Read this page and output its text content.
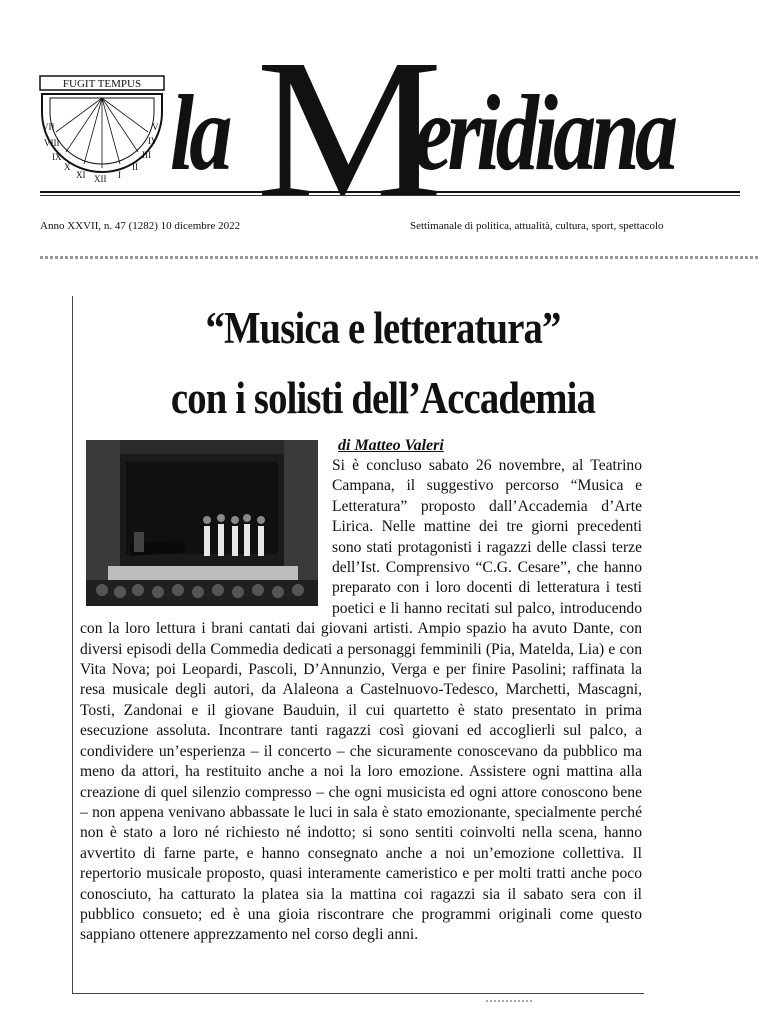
FUGIT TEMPUS
VII
VIII
IX
X
XI XII I
II
III
IV
V la M
eridiana
Anno XXVII, n. 47 (1282) 10 dicembre 2022	Settimanale di politica, attualità, cultura, sport, spettacolo
“Musica e letteratura”
con i solisti dell’Accademia
di Matteo Valeri
Si è concluso sabato 26 novembre, al Teatrino Campana, il suggestivo percorso “Musica e Letteratura” proposto dall’Accademia d’Arte Lirica. Nelle mattine dei tre giorni precedenti sono stati protagonisti i ragazzi delle classi terze dell’Ist. Comprensivo “C.G. Cesare”, che hanno preparato con i loro docenti di letteratura i testi poetici e li hanno recitati sul palco, introducendo con la loro lettura i brani cantati dai giovani artisti. Ampio spazio ha avuto Dante, con diversi episodi della Commedia dedicati a personaggi femminili (Pia, Matelda, Lia) e con Vita Nova; poi Leopardi, Pascoli, D’Annunzio, Verga e per finire Pasolini; raffinata la resa musicale degli autori, da Alaleona a Castelnuovo-Tedesco, Marchetti, Mascagni, Tosti, Zandonai e il giovane Bauduin, il cui quartetto è stato presentato in prima esecuzione assoluta. Incontrare tanti ragazzi così giovani ed accoglierli sul palco, a condividere un’esperienza – il concerto – che sicuramente conoscevano da pubblico ma meno da attori, ha restituito anche a noi la loro emozione. Assistere ogni mattina alla creazione di quel silenzio compresso – che ogni musicista ed ogni attore conoscono bene – non appena venivano abbassate le luci in sala è stato emozionante, specialmente perché non è stato a loro né richiesto né indotto; si sono sentiti coinvolti nella scena, hanno avvertito di farne parte, e hanno consegnato anche a noi un’emozione collettiva. Il repertorio musicale proposto, quasi interamente cameristico e per molti tratti anche poco conosciuto, ha catturato la platea sia la mattina coi ragazzi sia il sabato sera con il pubblico consueto; ed è una gioia riscontrare che programmi originali come questo sappiano ottenere apprezzamento nel corso degli anni.
